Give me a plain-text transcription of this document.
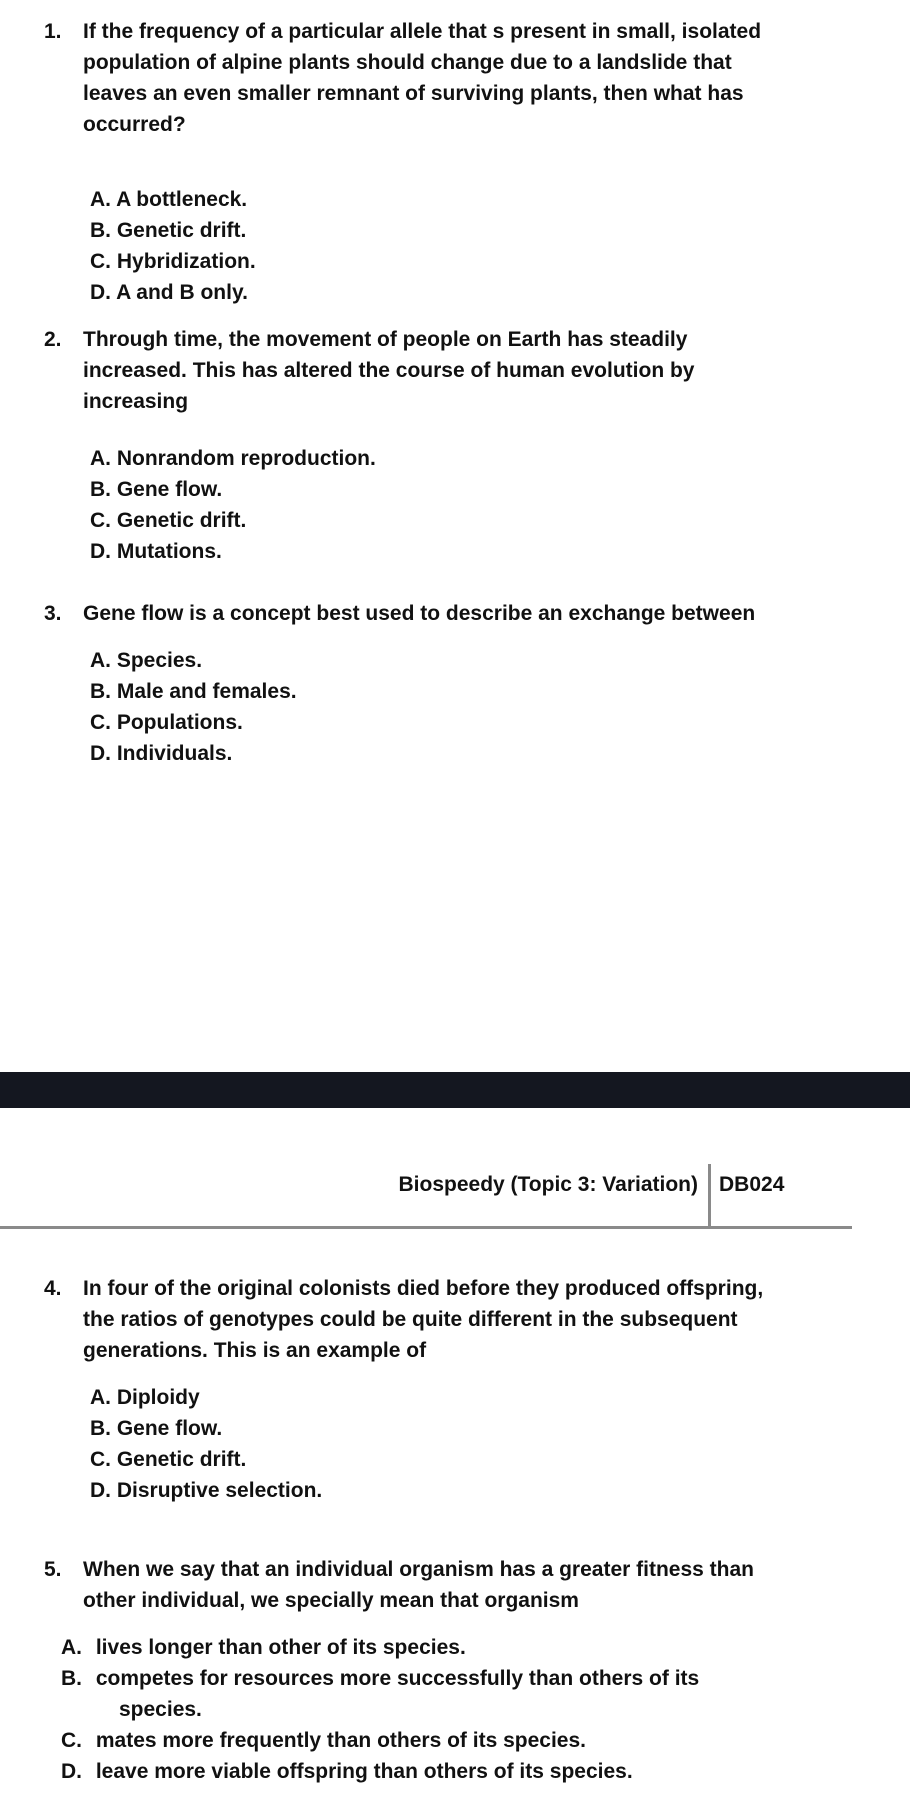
1. If the frequency of a particular allele that s present in small, isolated
population of alpine plants should change due to a landslide that
leaves an even smaller remnant of surviving plants, then what has
occurred?
A. A bottleneck.
B. Genetic drift.
C. Hybridization.
D. A and B only.
2. Through time, the movement of people on Earth has steadily
increased. This has altered the course of human evolution by
increasing
A. Nonrandom reproduction.
B. Gene flow.
C. Genetic drift.
D. Mutations.
3. Gene flow is a concept best used to describe an exchange between
A. Species.
B. Male and females.
C. Populations.
D. Individuals.
Biospeedy (Topic 3: Variation) DB024
4. In four of the original colonists died before they produced offspring,
the ratios of genotypes could be quite different in the subsequent
generations. This is an example of
A. Diploidy
B. Gene flow.
C. Genetic drift.
D. Disruptive selection.
5. When we say that an individual organism has a greater fitness than
other individual, we specially mean that organism
A. lives longer than other of its species.
B. competes for resources more successfully than others of its
species.
C. mates more frequently than others of its species.
D. leave more viable offspring than others of its species.
